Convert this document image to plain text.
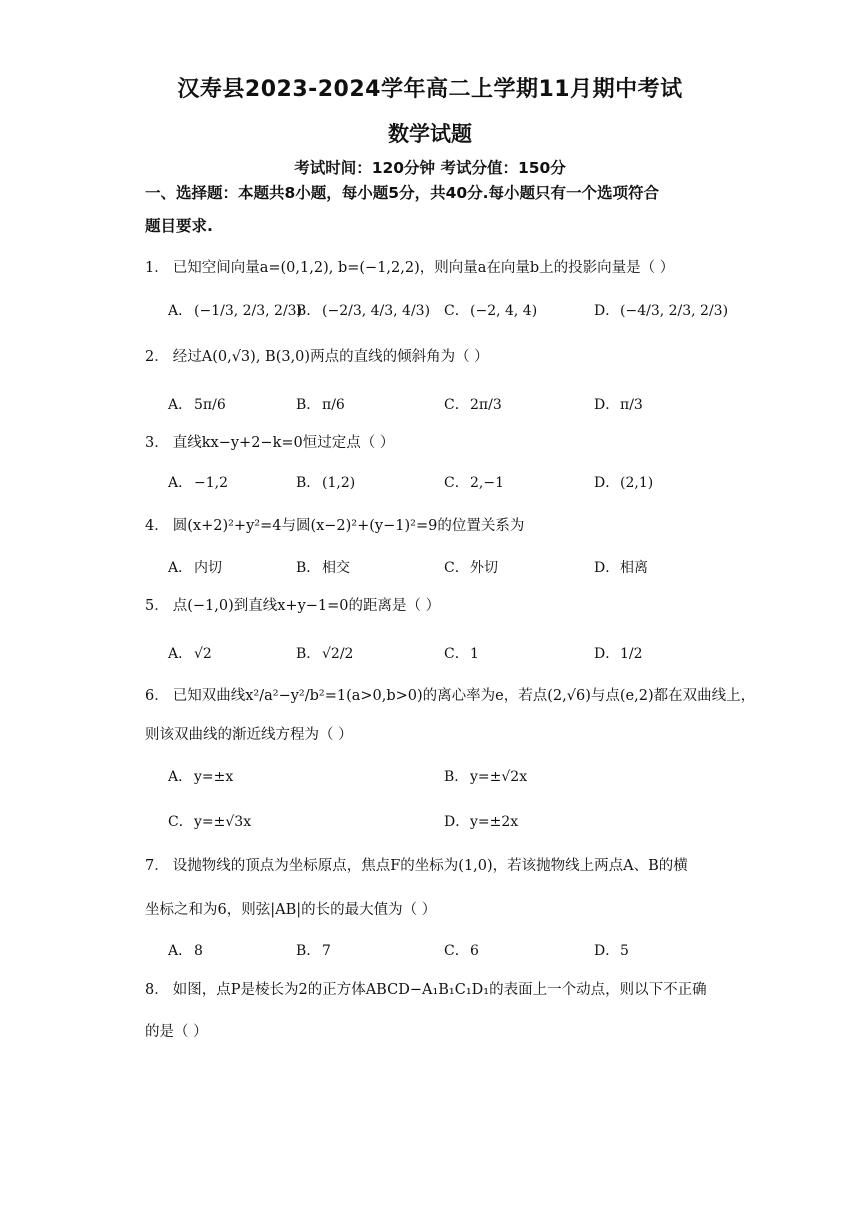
汉寿县2023-2024学年高二上学期11月期中考试
数学试题
考试时间：120分钟 考试分值：150分
一、选择题：本题共8小题，每小题5分，共40分.每小题只有一个选项符合
题目要求.
1． 已知空间向量a=(0,1,2), b=(−1,2,2)，则向量a在向量b上的投影向量是（ ）
A． (−1/3, 2/3, 2/3)
B． (−2/3, 4/3, 4/3) C．(−2, 4, 4)	D．(−4/3, 2/3, 2/3)
2． 经过A(0,√3), B(3,0)两点的直线的倾斜角为（ ）
A． 5π/6	B． π/6	C．2π/3	D．π/3
3． 直线kx−y+2−k=0恒过定点（ ）
A． −1,2	B． (1,2)	C．2,−1	D．(2,1)
4． 圆(x+2)²+y²=4与圆(x−2)²+(y−1)²=9的位置关系为
A． 内切	B． 相交	C．外切	D．相离
5． 点(−1,0)到直线x+y−1=0的距离是（ ）
A． √2	B． √2/2	C．1	D．1/2
6． 已知双曲线x²/a²−y²/b²=1(a>0,b>0)的离心率为e，若点(2,√6)与点(e,2)都在双曲线上，
则该双曲线的渐近线方程为（ ）
A． y=±x	B． y=±√2x
C．y=±√3x	D．y=±2x
7． 设抛物线的顶点为坐标原点，焦点F的坐标为(1,0)，若该抛物线上两点A、B的横
坐标之和为6，则弦|AB|的长的最大值为（ ）
A． 8	B． 7	C．6	D．5
8． 如图，点P是棱长为2的正方体ABCD−A₁B₁C₁D₁的表面上一个动点，则以下不正确
的是（ ）
